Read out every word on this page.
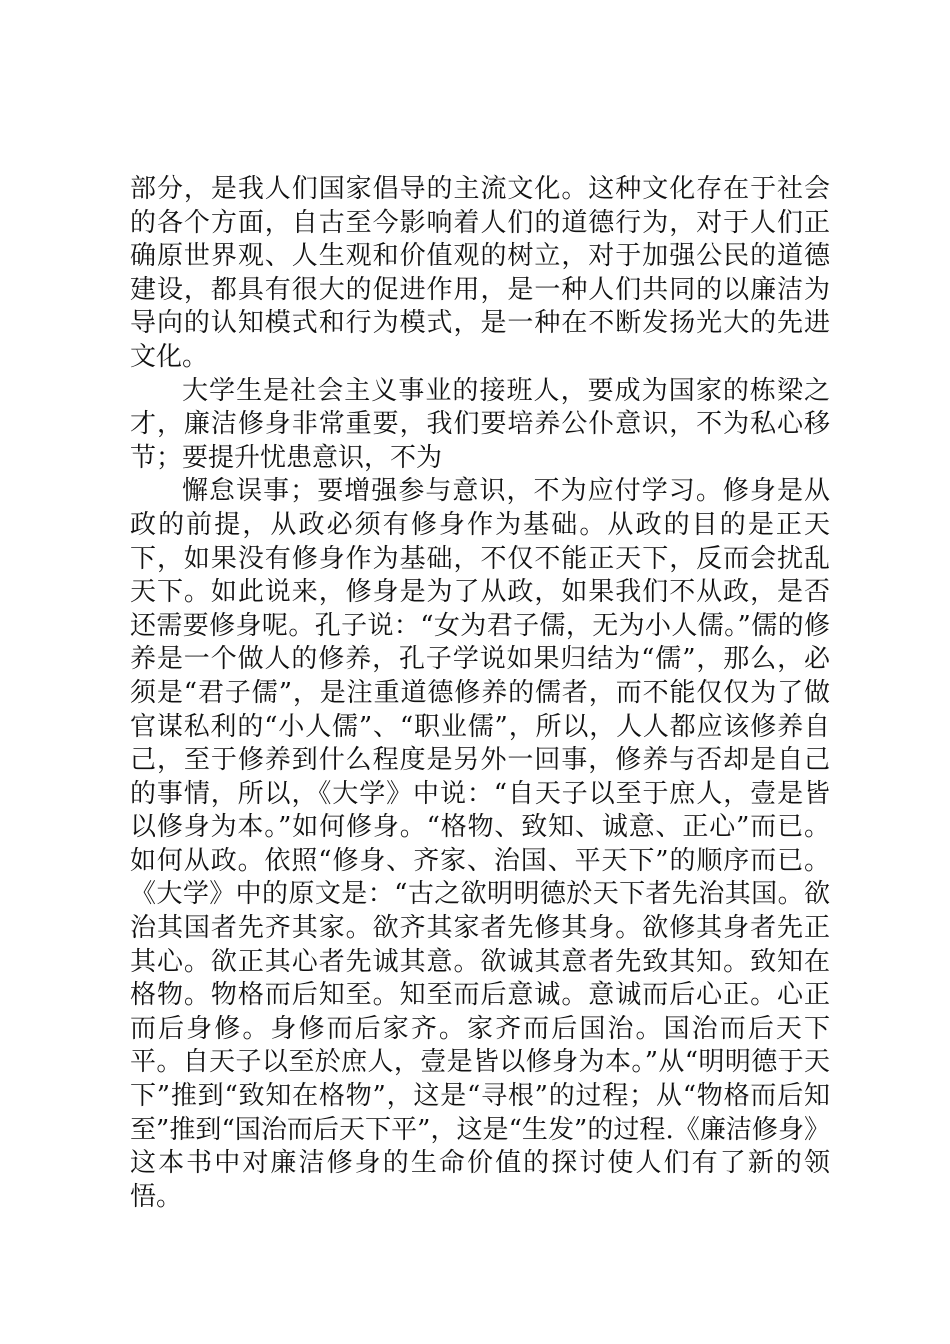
部分，是我人们国家倡导的主流文化。这种文化存在于社会的各个方面，自古至今影响着人们的道德行为，对于人们正确原世界观、人生观和价值观的树立，对于加强公民的道德建设，都具有很大的促进作用，是一种人们共同的以廉洁为导向的认知模式和行为模式，是一种在不断发扬光大的先进文化。

大学生是社会主义事业的接班人，要成为国家的栋梁之才，廉洁修身非常重要，我们要培养公仆意识，不为私心移节；要提升忧患意识，不为

懈怠误事；要增强参与意识，不为应付学习。修身是从政的前提，从政必须有修身作为基础。从政的目的是正天下，如果没有修身作为基础，不仅不能正天下，反而会扰乱天下。如此说来，修身是为了从政，如果我们不从政，是否还需要修身呢。孔子说：“女为君子儒，无为小人儒。”儒的修养是一个做人的修养，孔子学说如果归结为“儒”，那么，必须是“君子儒”，是注重道德修养的儒者，而不能仅仅为了做官谋私利的“小人儒”、“职业儒”，所以，人人都应该修养自己，至于修养到什么程度是另外一回事，修养与否却是自己的事情，所以，《大学》中说：“自天子以至于庶人，壹是皆以修身为本。”如何修身。“格物、致知、诚意、正心”而已。如何从政。依照“修身、齐家、治国、平天下”的顺序而已。《大学》中的原文是：“古之欲明明德於天下者先治其国。欲治其国者先齐其家。欲齐其家者先修其身。欲修其身者先正其心。欲正其心者先诚其意。欲诚其意者先致其知。致知在格物。物格而后知至。知至而后意诚。意诚而后心正。心正而后身修。身修而后家齐。家齐而后国治。国治而后天下平。自天子以至於庶人，壹是皆以修身为本。”从“明明德于天下”推到“致知在格物”，这是“寻根”的过程；从“物格而后知至”推到“国治而后天下平”，这是“生发”的过程.《廉洁修身》这本书中对廉洁修身的生命价值的探讨使人们有了新的领悟。
